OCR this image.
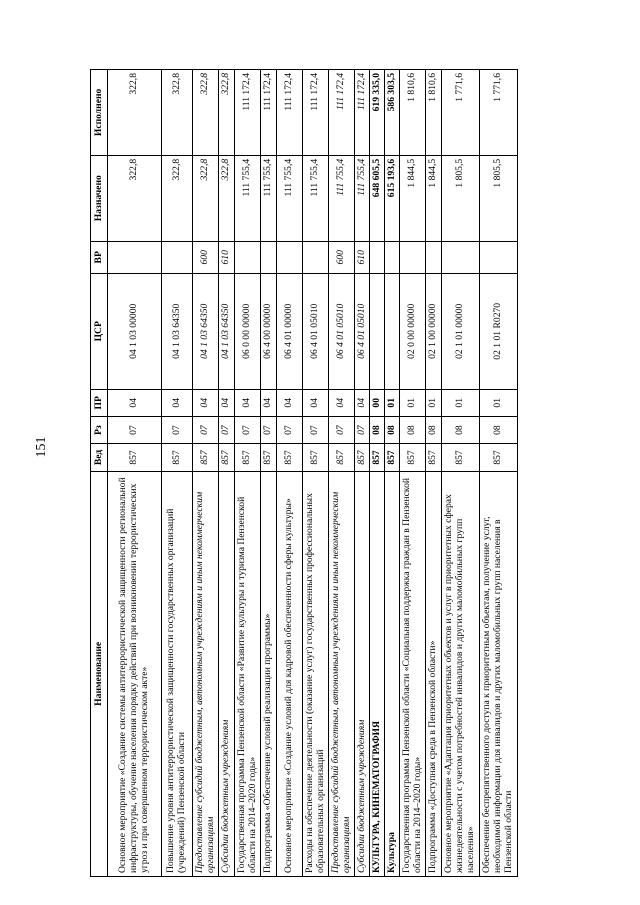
151
Наименование	Вед	Рз	ПР	ЦСР	ВР	Назначено	Исполнено
Основное мероприятие «Создание системы антитеррористической защищенности региональной инфраструктуры, обучение населения порядку действий при возникновении террористических угроз и при совершенном террористическом акте»	857	07	04	04 1 03 00000		322,8	322,8
Повышение уровня антитеррористической защищенности государственных организаций (учреждений) Пензенской области	857	07	04	04 1 03 64350		322,8	322,8
Предоставление субсидий бюджетным, автономным учреждениям и иным некоммерческим организациям	857	07	04	04 1 03 64350	600	322,8	322,8
Субсидии бюджетным учреждениям	857	07	04	04 1 03 64350	610	322,8	322,8
Государственная программа Пензенской области «Развитие культуры и туризма Пензенской области на 2014–2020 годы»	857	07	04	06 0 00 00000		111 755,4	111 172,4
Подпрограмма «Обеспечение условий реализации программы»	857	07	04	06 4 00 00000		111 755,4	111 172,4
Основное мероприятие «Создание условий для кадровой обеспеченности сферы культуры»	857	07	04	06 4 01 00000		111 755,4	111 172,4
Расходы на обеспечение деятельности (оказание услуг) государственных профессиональных образовательных организаций	857	07	04	06 4 01 05010		111 755,4	111 172,4
Предоставление субсидий бюджетным, автономным учреждениям и иным некоммерческим организациям	857	07	04	06 4 01 05010	600	111 755,4	111 172,4
Субсидии бюджетным учреждениям	857	07	04	06 4 01 05010	610	111 755,4	111 172,4
КУЛЬТУРА, КИНЕМАТОГРАФИЯ	857	08	00			648 605,5	619 335,0
Культура	857	08	01			615 193,6	586 303,5
Государственная программа Пензенской области «Социальная поддержка граждан в Пензенской области на 2014–2020 годы»	857	08	01	02 0 00 00000		1 844,5	1 810,6
Подпрограмма «Доступная среда в Пензенской области»	857	08	01	02 1 00 00000		1 844,5	1 810,6
Основное мероприятие «Адаптация приоритетных объектов и услуг в приоритетных сферах жизнедеятельности с учетом потребностей инвалидов и других маломобильных групп населения»	857	08	01	02 1 01 00000		1 805,5	1 771,6
Обеспечение беспрепятственного доступа к приоритетным объектам, получение услуг, необходимой информации для инвалидов и других маломобильных групп населения в Пензенской области	857	08	01	02 1 01 R0270		1 805,5	1 771,6
